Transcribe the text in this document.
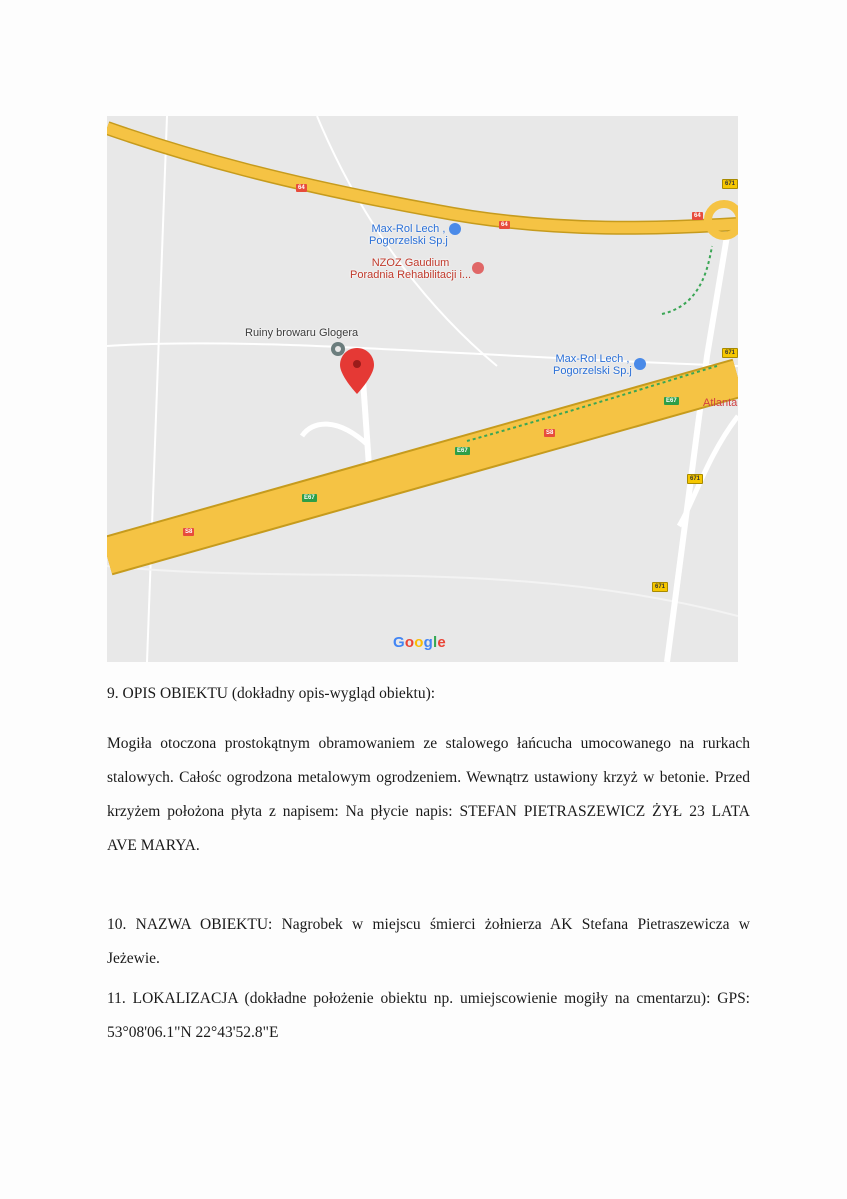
Max-Rol Lech ,
Pogorzelski Sp.j
NZOZ Gaudium
Poradnia Rehabilitacji i...
Ruiny browaru Glogera
Max-Rol Lech ,
Pogorzelski Sp.j
Atlanta
64
64
64
671
671
671
671
E67
E67
E67
S8
S8
Google
9. OPIS OBIEKTU (dokładny opis-wygląd obiektu):
Mogiła otoczona prostokątnym obramowaniem ze stalowego łańcucha umocowanego na rurkach
stalowych. Całośc ogrodzona metalowym ogrodzeniem. Wewnątrz ustawiony krzyż w betonie. Przed
krzyżem położona płyta z napisem: Na płycie napis: STEFAN PIETRASZEWICZ ŻYŁ 23 LATA
AVE MARYA.
10. NAZWA OBIEKTU: Nagrobek w miejscu śmierci żołnierza AK Stefana Pietraszewicza w
Jeżewie.
11. LOKALIZACJA (dokładne położenie obiektu np. umiejscowienie mogiły na cmentarzu): GPS:
53°08'06.1"N 22°43'52.8"E
